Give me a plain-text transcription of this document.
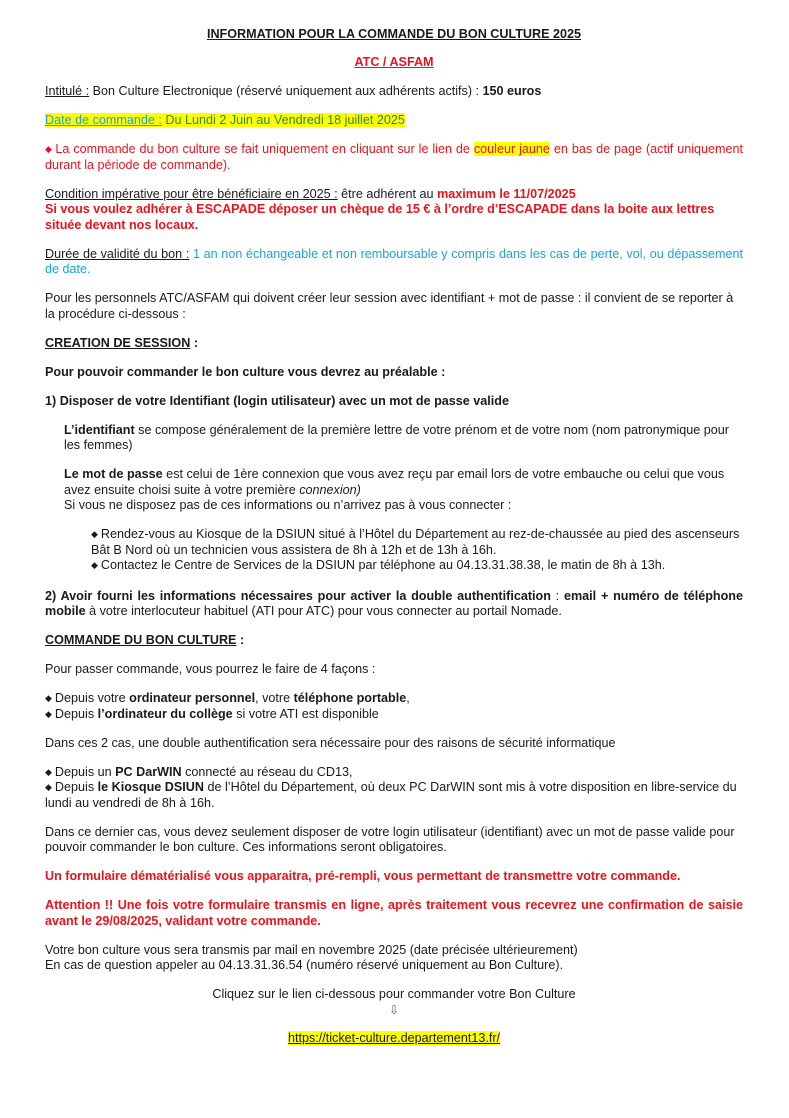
INFORMATION POUR LA COMMANDE DU BON CULTURE 2025
ATC / ASFAM
Intitulé : Bon Culture Electronique (réservé uniquement aux adhérents actifs) : 150 euros
Date de commande : Du Lundi 2 Juin au Vendredi 18 juillet 2025
◆ La commande du bon culture se fait uniquement en cliquant sur le lien de couleur jaune en bas de page (actif uniquement durant la période de commande).
Condition impérative pour être bénéficiaire en 2025 : être adhérent au maximum le 11/07/2025
Si vous voulez adhérer à ESCAPADE déposer un chèque de 15 € à l’ordre d’ESCAPADE dans la boite aux lettres située devant nos locaux.
Durée de validité du bon : 1 an non échangeable et non remboursable y compris dans les cas de perte, vol, ou dépassement de date.
Pour les personnels ATC/ASFAM qui doivent créer leur session avec identifiant + mot de passe : il convient de se reporter à la procédure ci-dessous :
CREATION DE SESSION :
Pour pouvoir commander le bon culture vous devrez au préalable :
1) Disposer de votre Identifiant (login utilisateur) avec un mot de passe valide
L’identifiant se compose généralement de la première lettre de votre prénom et de votre nom (nom patronymique pour les femmes)
Le mot de passe est celui de 1ère connexion que vous avez reçu par email lors de votre embauche ou celui que vous avez ensuite choisi suite à votre première connexion)
Si vous ne disposez pas de ces informations ou n’arrivez pas à vous connecter :
◆ Rendez-vous au Kiosque de la DSIUN situé à l’Hôtel du Département au rez-de-chaussée au pied des ascenseurs Bât B Nord où un technicien vous assistera de 8h à 12h et de 13h à 16h.
◆ Contactez le Centre de Services de la DSIUN par téléphone au 04.13.31.38.38, le matin de 8h à 13h.
2) Avoir fourni les informations nécessaires pour activer la double authentification : email + numéro de téléphone mobile à votre interlocuteur habituel (ATI pour ATC) pour vous connecter au portail Nomade.
COMMANDE DU BON CULTURE :
Pour passer commande, vous pourrez le faire de 4 façons :
◆ Depuis votre ordinateur personnel, votre téléphone portable,
◆ Depuis l’ordinateur du collège si votre ATI est disponible
Dans ces 2 cas, une double authentification sera nécessaire pour des raisons de sécurité informatique
◆ Depuis un PC DarWIN connecté au réseau du CD13,
◆ Depuis le Kiosque DSIUN de l’Hôtel du Département, où deux PC DarWIN sont mis à votre disposition en libre-service du lundi au vendredi de 8h à 16h.
Dans ce dernier cas, vous devez seulement disposer de votre login utilisateur (identifiant) avec un mot de passe valide pour pouvoir commander le bon culture. Ces informations seront obligatoires.
Un formulaire dématérialisé vous apparaitra, pré-rempli, vous permettant de transmettre votre commande.
Attention !! Une fois votre formulaire transmis en ligne, après traitement vous recevrez une confirmation de saisie avant le 29/08/2025, validant votre commande.
Votre bon culture vous sera transmis par mail en novembre 2025 (date précisée ultérieurement)
En cas de question appeler au 04.13.31.36.54 (numéro réservé uniquement au Bon Culture).
Cliquez sur le lien ci-dessous pour commander votre Bon Culture
⇩
https://ticket-culture.departement13.fr/
